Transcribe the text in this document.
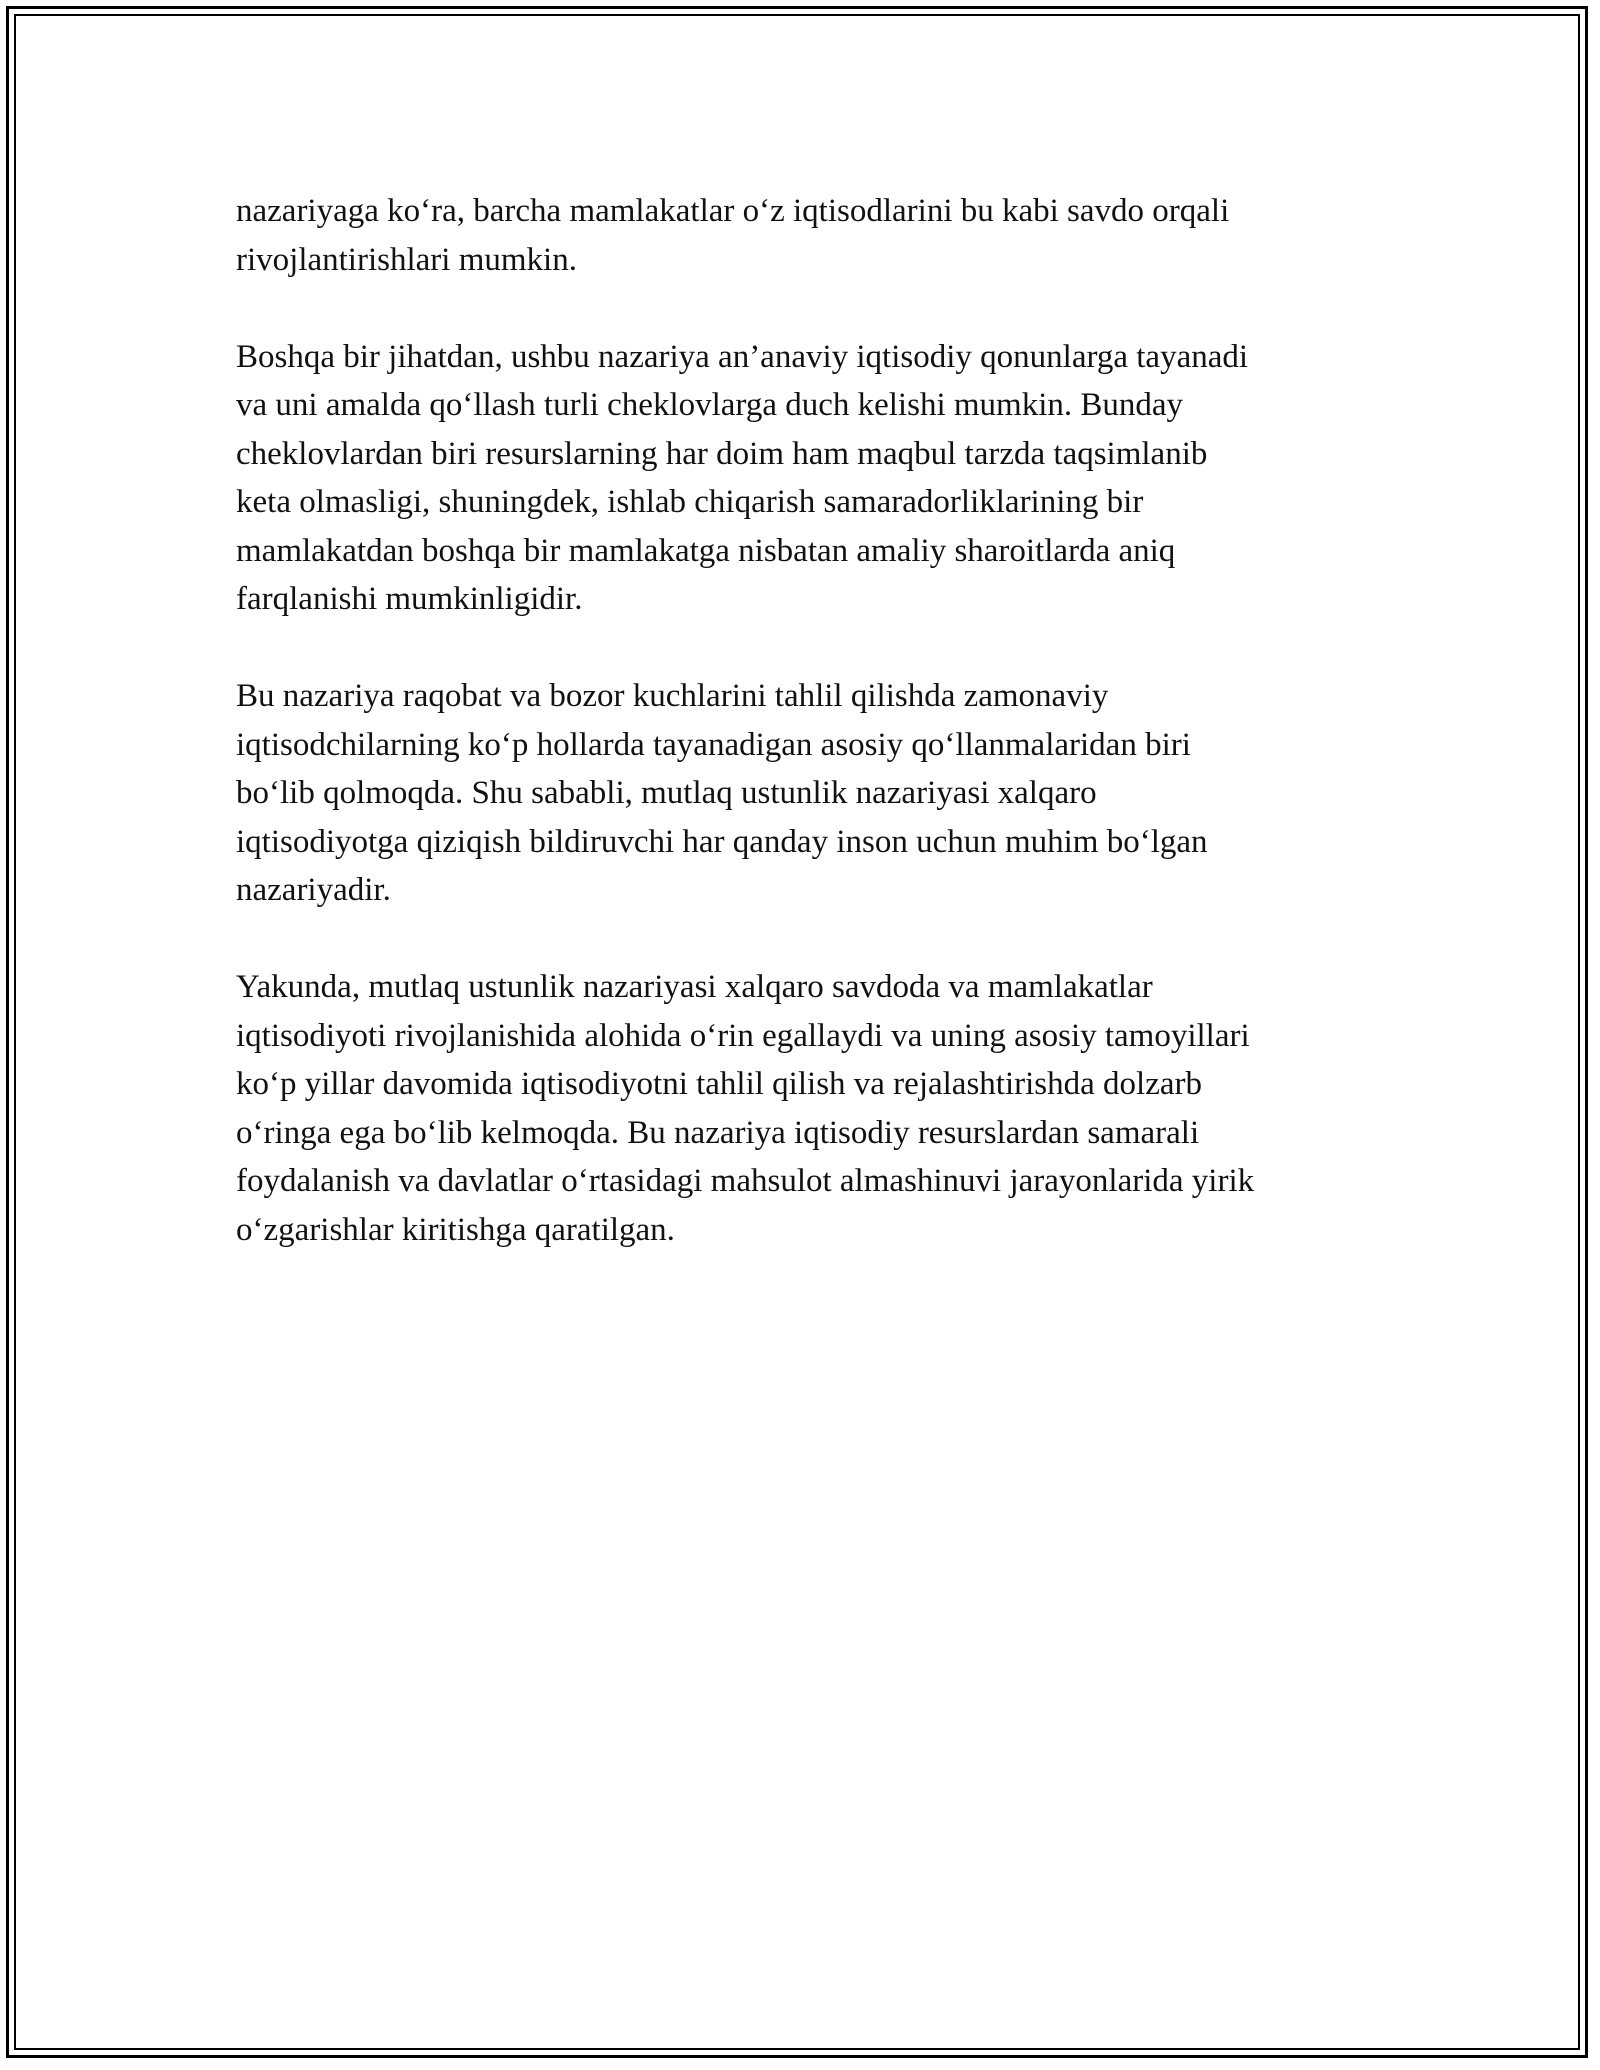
nazariyaga ko‘ra, barcha mamlakatlar o‘z iqtisodlarini bu kabi savdo orqali
rivojlantirishlari mumkin.

Boshqa bir jihatdan, ushbu nazariya an’anaviy iqtisodiy qonunlarga tayanadi
va uni amalda qo‘llash turli cheklovlarga duch kelishi mumkin. Bunday
cheklovlardan biri resurslarning har doim ham maqbul tarzda taqsimlanib
keta olmasligi, shuningdek, ishlab chiqarish samaradorliklarining bir
mamlakatdan boshqa bir mamlakatga nisbatan amaliy sharoitlarda aniq
farqlanishi mumkinligidir.

Bu nazariya raqobat va bozor kuchlarini tahlil qilishda zamonaviy
iqtisodchilarning ko‘p hollarda tayanadigan asosiy qo‘llanmalaridan biri
bo‘lib qolmoqda. Shu sababli, mutlaq ustunlik nazariyasi xalqaro
iqtisodiyotga qiziqish bildiruvchi har qanday inson uchun muhim bo‘lgan
nazariyadir.

Yakunda, mutlaq ustunlik nazariyasi xalqaro savdoda va mamlakatlar
iqtisodiyoti rivojlanishida alohida o‘rin egallaydi va uning asosiy tamoyillari
ko‘p yillar davomida iqtisodiyotni tahlil qilish va rejalashtirishda dolzarb
o‘ringa ega bo‘lib kelmoqda. Bu nazariya iqtisodiy resurslardan samarali
foydalanish va davlatlar o‘rtasidagi mahsulot almashinuvi jarayonlarida yirik
o‘zgarishlar kiritishga qaratilgan.
